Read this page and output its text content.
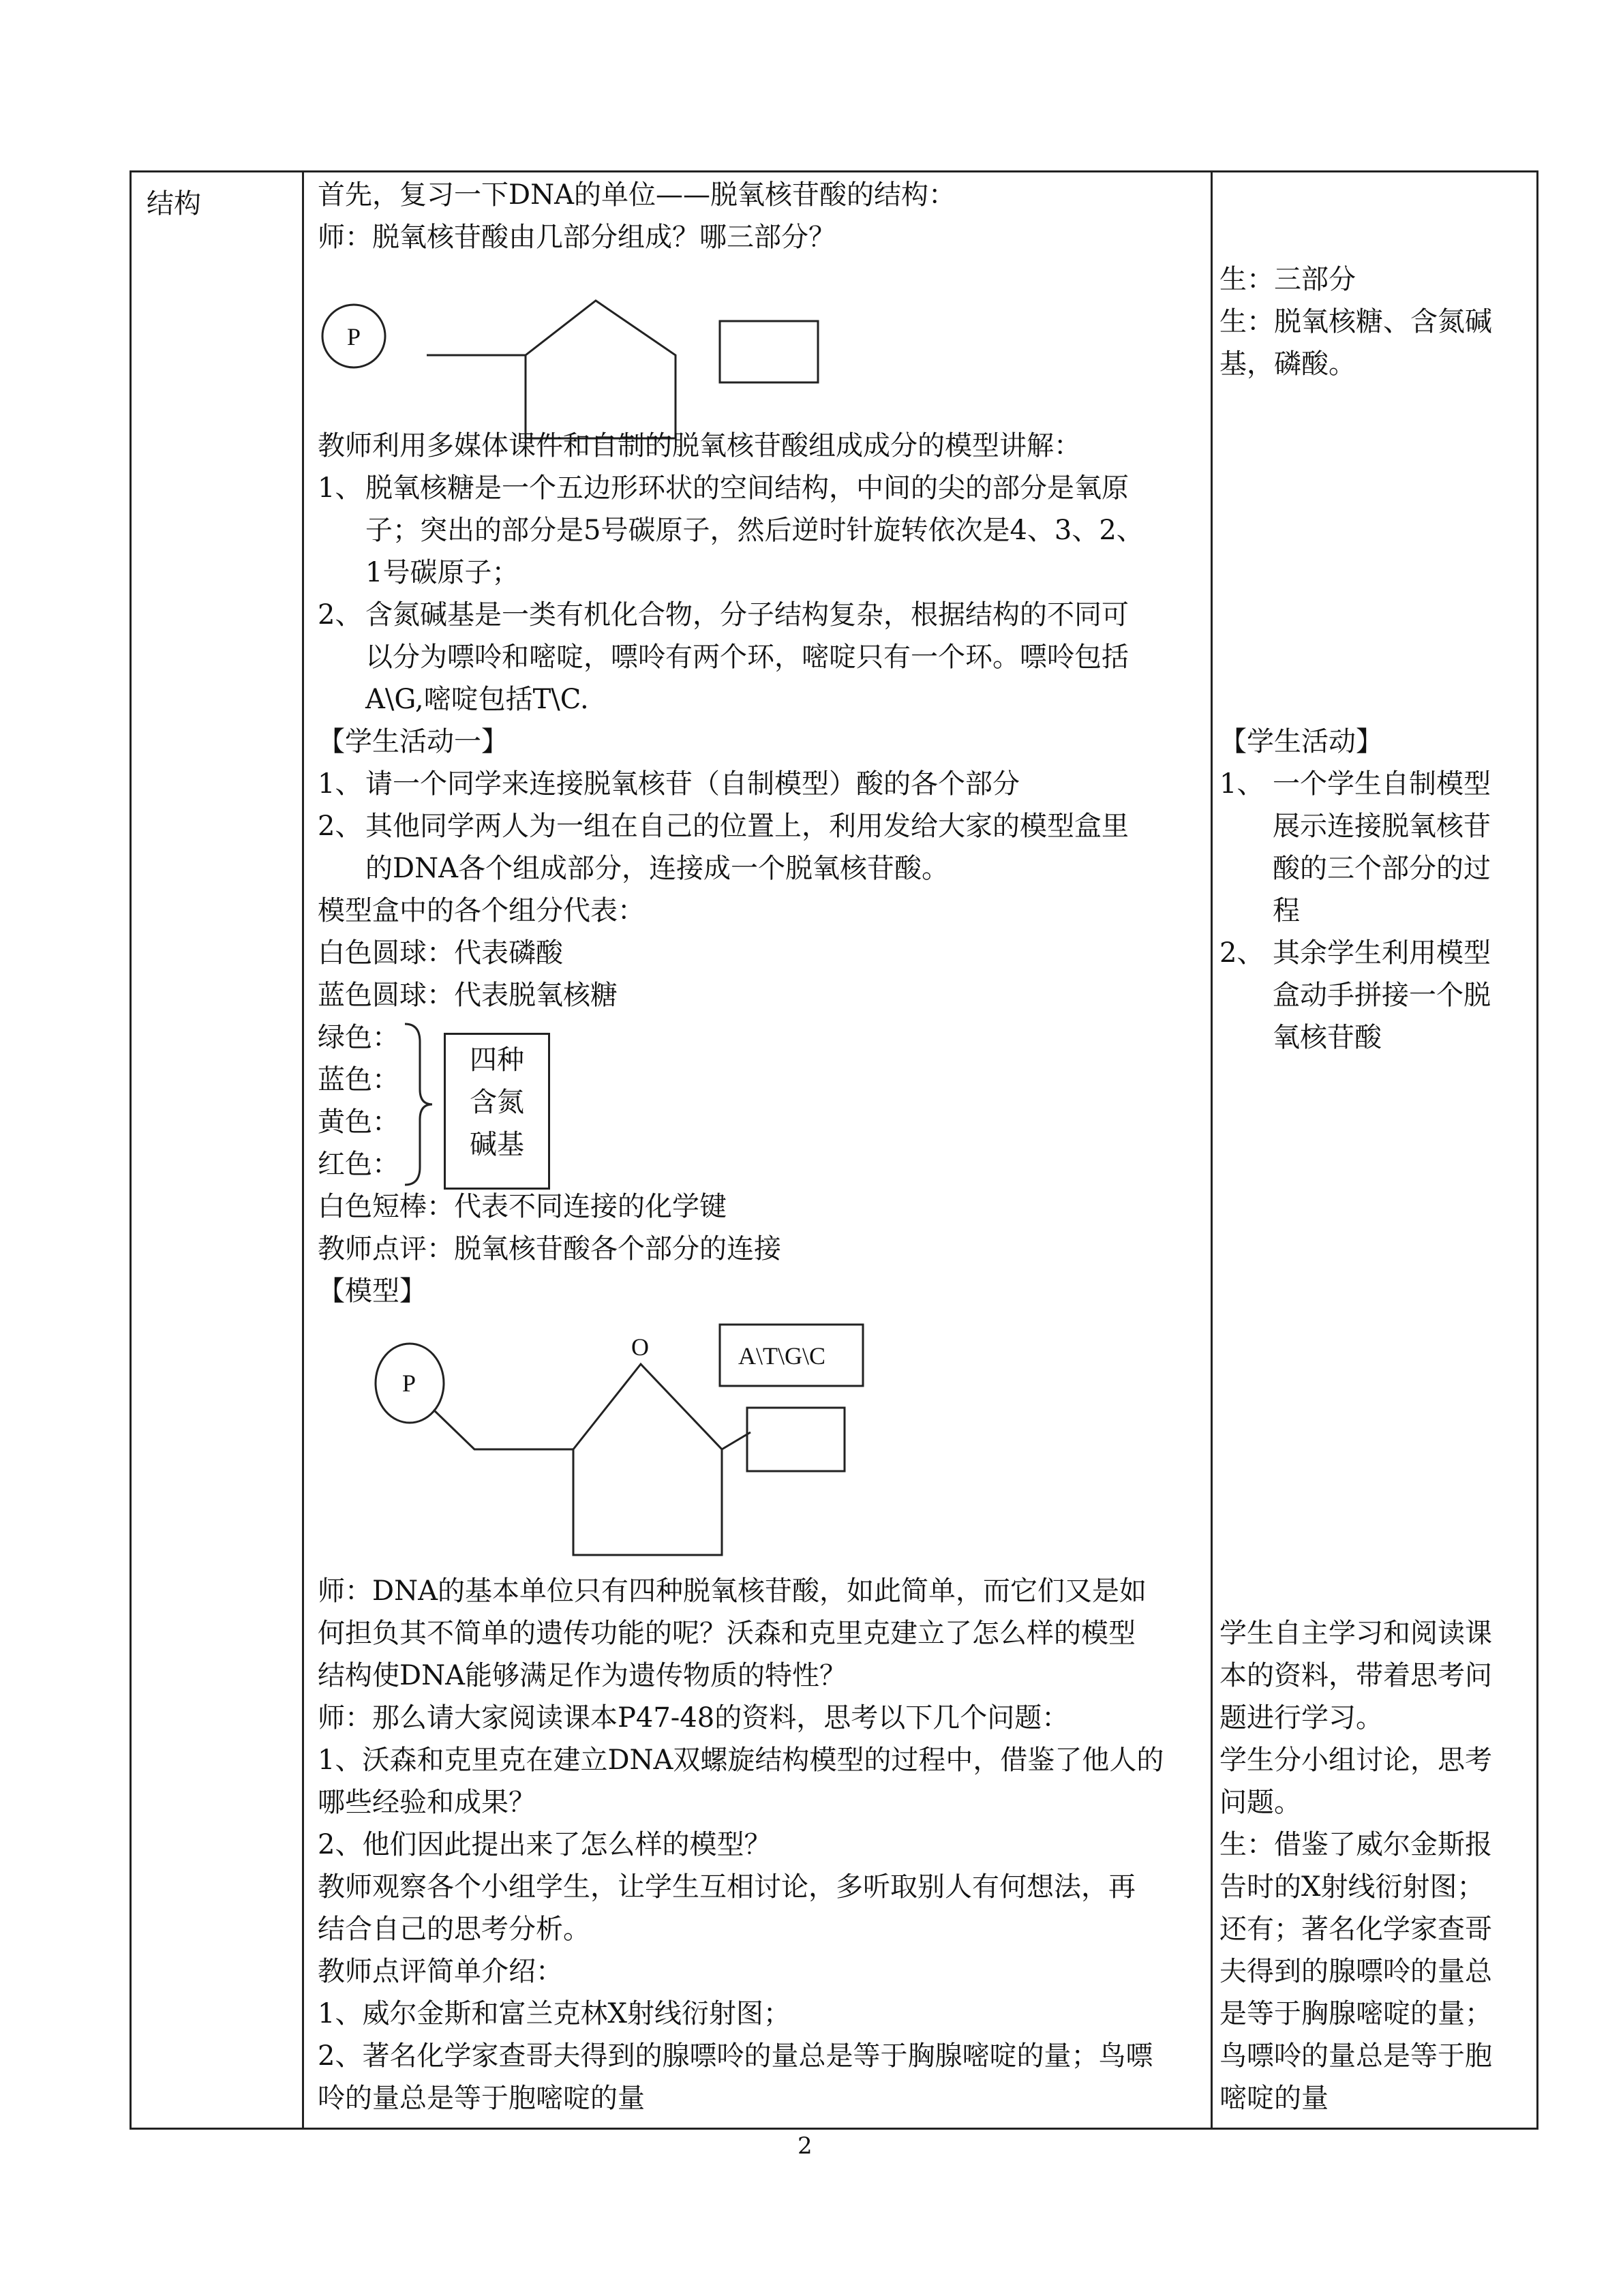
结构	首先，复习一下DNA的单位——脱氧核苷酸的结构：
师：脱氧核苷酸由几部分组成？哪三部分？
P
教师利用多媒体课件和自制的脱氧核苷酸组成成分的模型讲解：
1、 脱氧核糖是一个五边形环状的空间结构，中间的尖的部分是氧原
子；突出的部分是5号碳原子，然后逆时针旋转依次是4、3、2、
1号碳原子；
2、 含氮碱基是一类有机化合物，分子结构复杂，根据结构的不同可
以分为嘌呤和嘧啶，嘌呤有两个环，嘧啶只有一个环。嘌呤包括
A\G,嘧啶包括T\C.
【学生活动一】
1、 请一个同学来连接脱氧核苷（自制模型）酸的各个部分
2、 其他同学两人为一组在自己的位置上，利用发给大家的模型盒里
的DNA各个组成部分，连接成一个脱氧核苷酸。
模型盒中的各个组分代表：
白色圆球：代表磷酸
蓝色圆球：代表脱氧核糖
绿色：
蓝色：
黄色：
红色：
四种
含氮
碱基
白色短棒：代表不同连接的化学键
教师点评：脱氧核苷酸各个部分的连接
【模型】
P
O	A\T\G\C
师：DNA的基本单位只有四种脱氧核苷酸，如此简单，而它们又是如
何担负其不简单的遗传功能的呢？沃森和克里克建立了怎么样的模型
结构使DNA能够满足作为遗传物质的特性？
师：那么请大家阅读课本P47-48的资料，思考以下几个问题：
1、沃森和克里克在建立DNA双螺旋结构模型的过程中，借鉴了他人的
哪些经验和成果？
2、他们因此提出来了怎么样的模型？
教师观察各个小组学生，让学生互相讨论，多听取别人有何想法，再
结合自己的思考分析。
教师点评简单介绍：
1、威尔金斯和富兰克林X射线衍射图；
2、著名化学家查哥夫得到的腺嘌呤的量总是等于胸腺嘧啶的量；鸟嘌
呤的量总是等于胞嘧啶的量

生：三部分
生：脱氧核糖、含氮碱
基，磷酸。
【学生活动】
1、 一个学生自制模型
展示连接脱氧核苷
酸的三个部分的过
程
2、 其余学生利用模型
盒动手拼接一个脱
氧核苷酸
学生自主学习和阅读课
本的资料，带着思考问
题进行学习。
学生分小组讨论，思考
问题。
生：借鉴了威尔金斯报
告时的X射线衍射图；
还有；著名化学家查哥
夫得到的腺嘌呤的量总
是等于胸腺嘧啶的量；
鸟嘌呤的量总是等于胞
嘧啶的量
2
